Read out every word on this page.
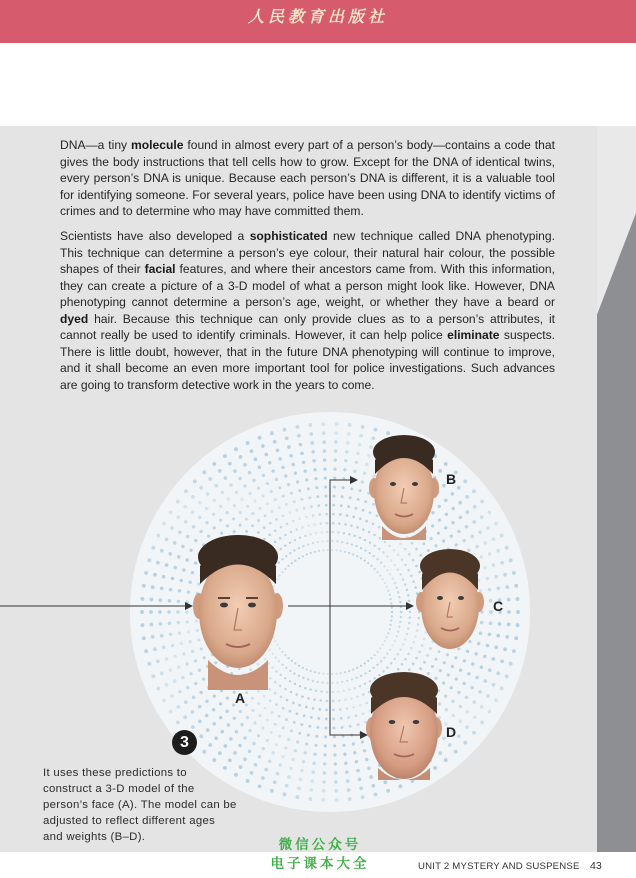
人民教育出版社

DNA—a tiny molecule found in almost every part of a person’s body—contains a code that gives the body instructions that tell cells how to grow. Except for the DNA of identical twins, every person’s DNA is unique. Because each person’s DNA is different, it is a valuable tool for identifying someone. For several years, police have been using DNA to identify victims of crimes and to determine who may have committed them.

Scientists have also developed a sophisticated new technique called DNA phenotyping. This technique can determine a person’s eye colour, their natural hair colour, the possible shapes of their facial features, and where their ancestors came from. With this information, they can create a picture of a 3-D model of what a person might look like. However, DNA phenotyping cannot determine a person’s age, weight, or whether they have a beard or dyed hair. Because this technique can only provide clues as to a person’s attributes, it cannot really be used to identify criminals. However, it can help police eliminate suspects. There is little doubt, however, that in the future DNA phenotyping will continue to improve, and it shall become an even more important tool for police investigations. Such advances are going to transform detective work in the years to come.

A
B
C
D
3
It uses these predictions to construct a 3-D model of the person’s face (A). The model can be adjusted to reflect different ages and weights (B–D).	微信公众号
电子课本大全	UNIT 2 MYSTERY AND SUSPENSE 43
